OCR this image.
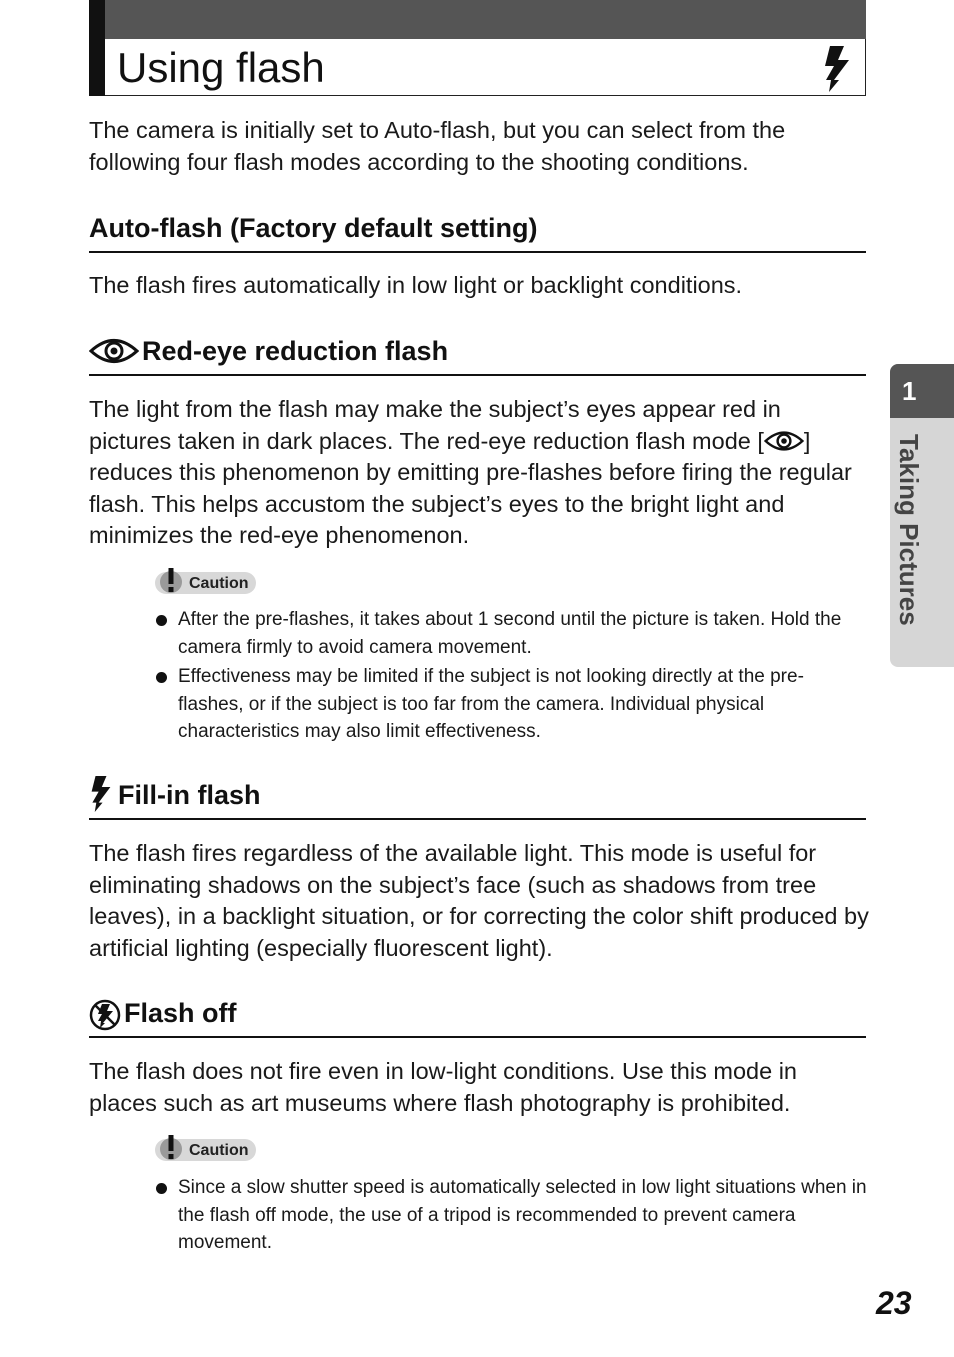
Using flash

The camera is initially set to Auto-flash, but you can select from the following four flash modes according to the shooting conditions.

Auto-flash (Factory default setting)

The flash fires automatically in low light or backlight conditions.

Red-eye reduction flash

The light from the flash may make the subject’s eyes appear red in pictures taken in dark places. The red-eye reduction flash mode [ ] reduces this phenomenon by emitting pre-flashes before firing the regular flash. This helps accustom the subject’s eyes to the bright light and minimizes the red-eye phenomenon.

Caution
After the pre-flashes, it takes about 1 second until the picture is taken. Hold the camera firmly to avoid camera movement.
Effectiveness may be limited if the subject is not looking directly at the pre-flashes, or if the subject is too far from the camera. Individual physical characteristics may also limit effectiveness.
Fill-in flash

The flash fires regardless of the available light. This mode is useful for eliminating shadows on the subject’s face (such as shadows from tree leaves), in a backlight situation, or for correcting the color shift produced by artificial lighting (especially fluorescent light).

Flash off

The flash does not fire even in low-light conditions. Use this mode in places such as art museums where flash photography is prohibited.

Caution
Since a slow shutter speed is automatically selected in low light situations when in the flash off mode, the use of a tripod is recommended to prevent camera movement.
1
Taking Pictures
23
